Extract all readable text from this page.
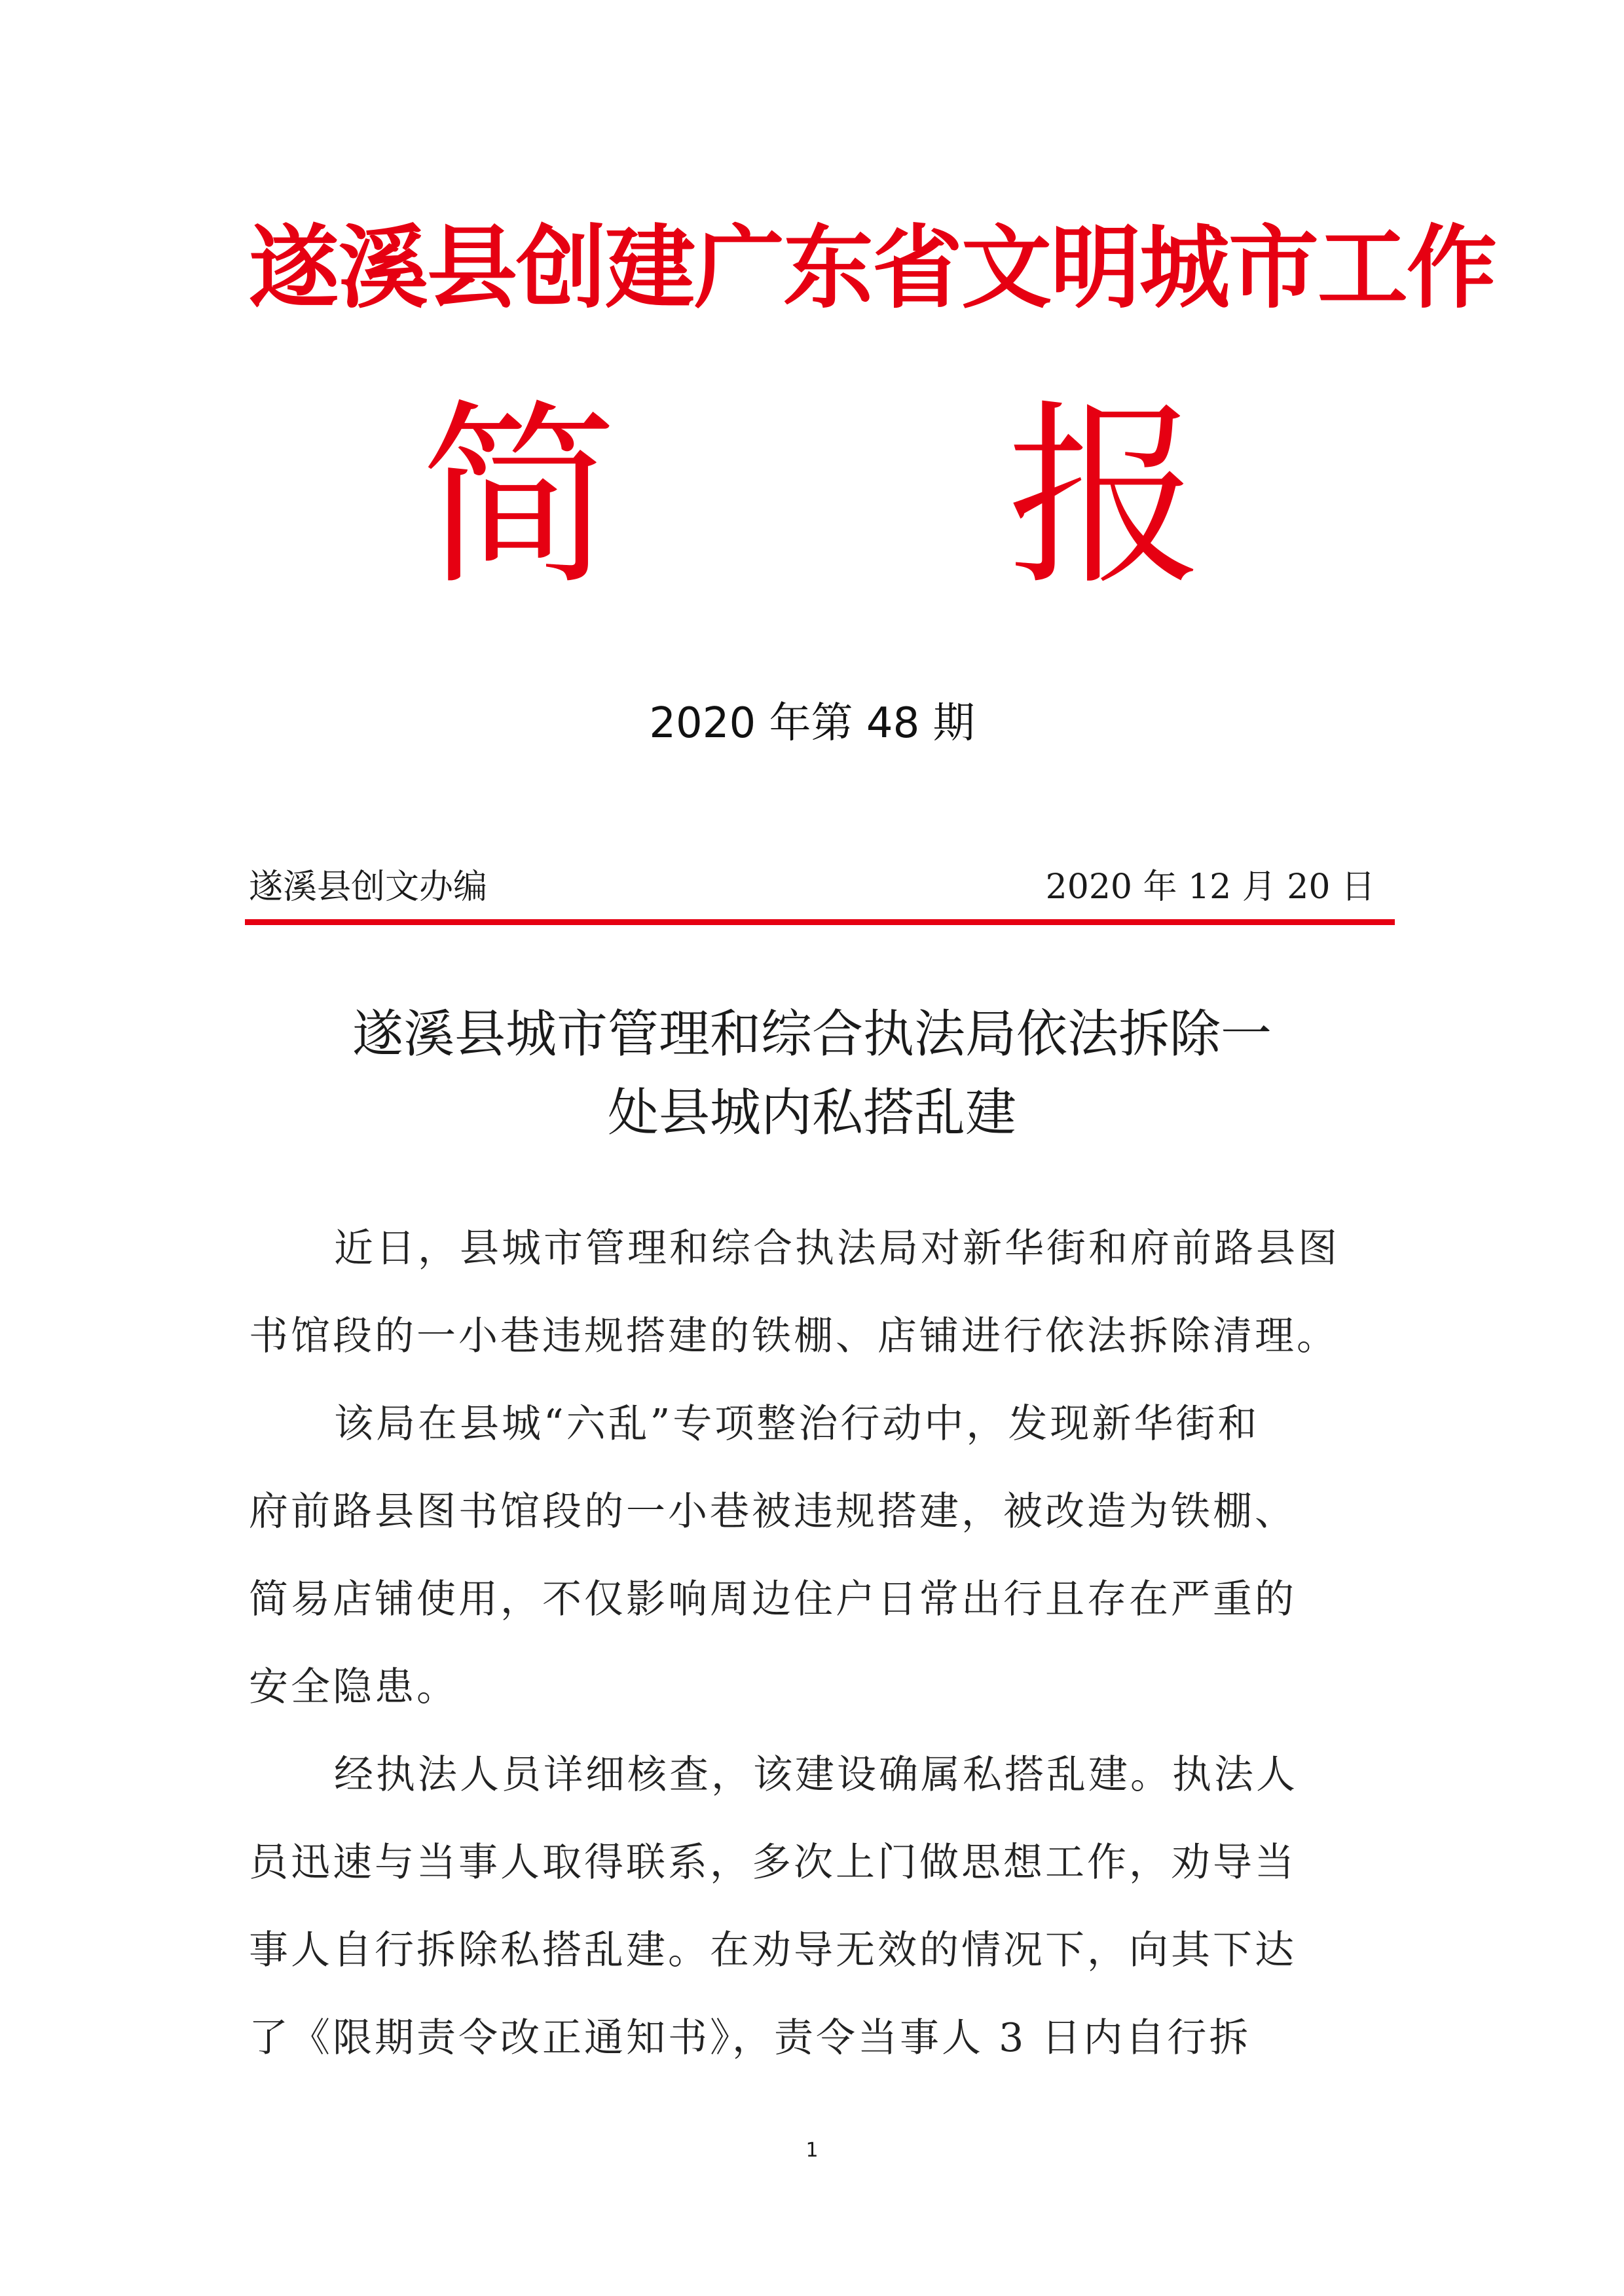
遂溪县创建广东省文明城市工作
简 报
2020 年第 48 期
遂溪县创文办编	2020 年 12 月 20 日
遂溪县城市管理和综合执法局依法拆除一
处县城内私搭乱建
近日，县城市管理和综合执法局对新华街和府前路县图
书馆段的一小巷违规搭建的铁棚、店铺进行依法拆除清理。
该局在县城“六乱”专项整治行动中，发现新华街和
府前路县图书馆段的一小巷被违规搭建，被改造为铁棚、
简易店铺使用，不仅影响周边住户日常出行且存在严重的
安全隐患。
经执法人员详细核查，该建设确属私搭乱建。执法人
员迅速与当事人取得联系，多次上门做思想工作，劝导当
事人自行拆除私搭乱建。在劝导无效的情况下，向其下达
了《限期责令改正通知书》，责令当事人 3 日内自行拆
1
